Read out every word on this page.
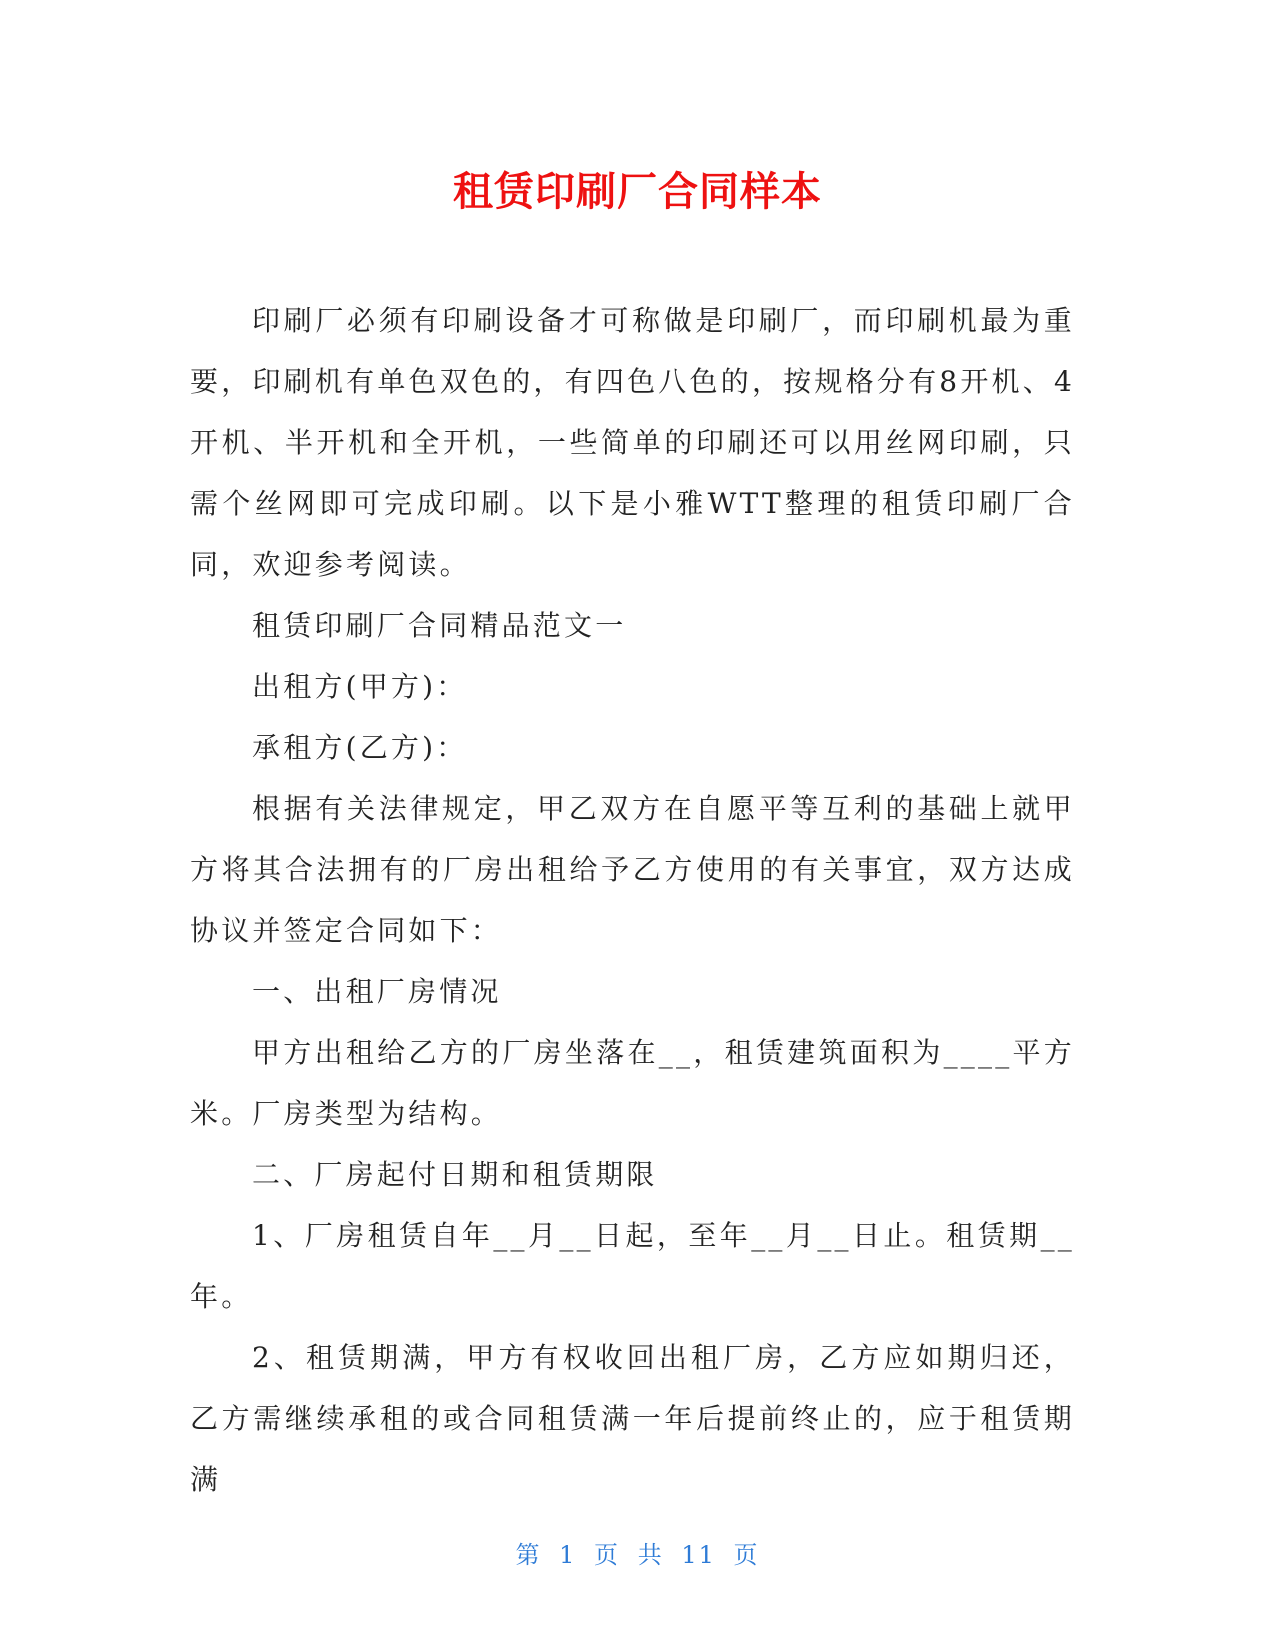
租赁印刷厂合同样本

印刷厂必须有印刷设备才可称做是印刷厂，而印刷机最为重要，印刷机有单色双色的，有四色八色的，按规格分有8开机、4开机、半开机和全开机，一些简单的印刷还可以用丝网印刷，只需个丝网即可完成印刷。以下是小雅WTT整理的租赁印刷厂合同，欢迎参考阅读。

租赁印刷厂合同精品范文一

出租方(甲方)：

承租方(乙方)：

根据有关法律规定，甲乙双方在自愿平等互利的基础上就甲方将其合法拥有的厂房出租给予乙方使用的有关事宜，双方达成协议并签定合同如下：

一、出租厂房情况

甲方出租给乙方的厂房坐落在__，租赁建筑面积为____平方米。厂房类型为结构。

二、厂房起付日期和租赁期限

1、厂房租赁自年__月__日起，至年__月__日止。租赁期__年。

2、租赁期满，甲方有权收回出租厂房，乙方应如期归还，乙方需继续承租的或合同租赁满一年后提前终止的，应于租赁期满

第 1 页 共 11 页
